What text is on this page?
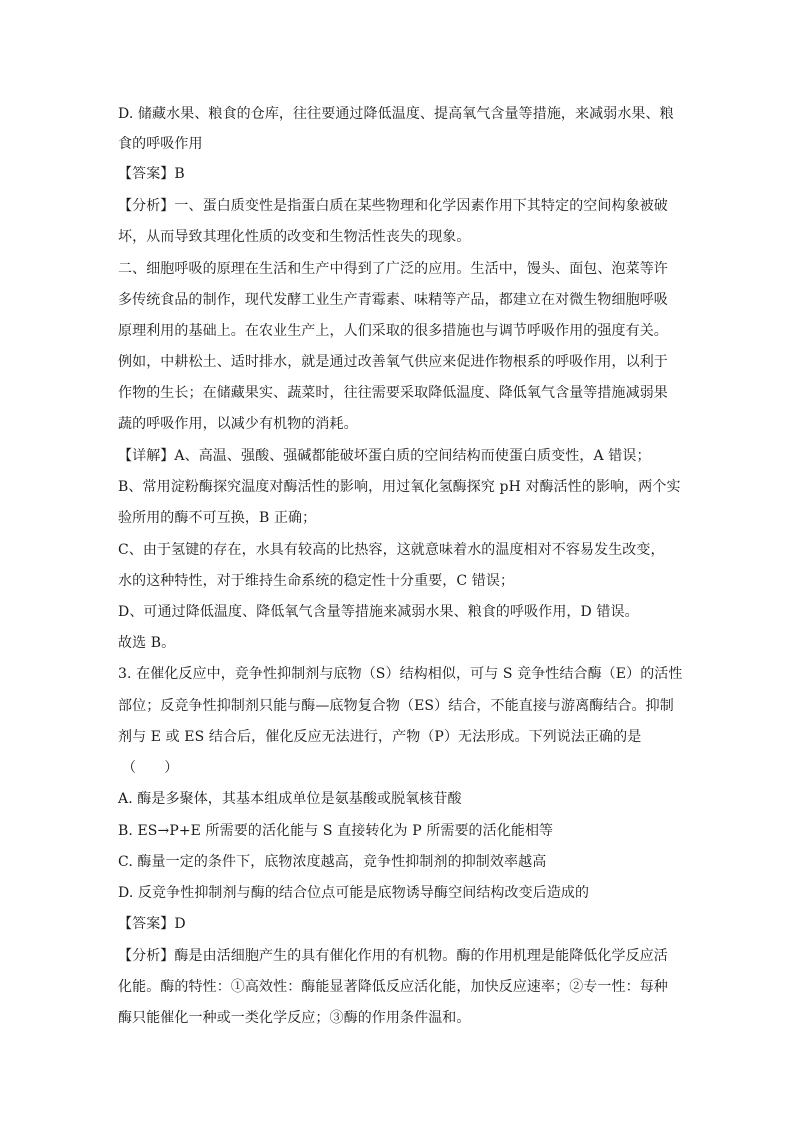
D. 储藏水果、粮食的仓库，往往要通过降低温度、提高氧气含量等措施，来减弱水果、粮
食的呼吸作用
【答案】B
【分析】一、蛋白质变性是指蛋白质在某些物理和化学因素作用下其特定的空间构象被破
坏，从而导致其理化性质的改变和生物活性丧失的现象。
二、细胞呼吸的原理在生活和生产中得到了广泛的应用。生活中，馒头、面包、泡菜等许
多传统食品的制作，现代发酵工业生产青霉素、味精等产品，都建立在对微生物细胞呼吸
原理利用的基础上。在农业生产上，人们采取的很多措施也与调节呼吸作用的强度有关。
例如，中耕松土、适时排水，就是通过改善氧气供应来促进作物根系的呼吸作用，以利于
作物的生长；在储藏果实、蔬菜时，往往需要采取降低温度、降低氧气含量等措施减弱果
蔬的呼吸作用，以减少有机物的消耗。
【详解】A、高温、强酸、强碱都能破坏蛋白质的空间结构而使蛋白质变性，A 错误；
B、常用淀粉酶探究温度对酶活性的影响，用过氧化氢酶探究 pH 对酶活性的影响，两个实
验所用的酶不可互换，B 正确；
C、由于氢键的存在，水具有较高的比热容，这就意味着水的温度相对不容易发生改变，
水的这种特性，对于维持生命系统的稳定性十分重要，C 错误；
D、可通过降低温度、降低氧气含量等措施来减弱水果、粮食的呼吸作用，D 错误。
故选 B。
3. 在催化反应中，竞争性抑制剂与底物（S）结构相似，可与 S 竞争性结合酶（E）的活性
部位；反竞争性抑制剂只能与酶—底物复合物（ES）结合，不能直接与游离酶结合。抑制
剂与 E 或 ES 结合后，催化反应无法进行，产物（P）无法形成。下列说法正确的是
（　　）
A. 酶是多聚体，其基本组成单位是氨基酸或脱氧核苷酸
B. ES→P+E 所需要的活化能与 S 直接转化为 P 所需要的活化能相等
C. 酶量一定的条件下，底物浓度越高，竞争性抑制剂的抑制效率越高
D. 反竞争性抑制剂与酶的结合位点可能是底物诱导酶空间结构改变后造成的
【答案】D
【分析】酶是由活细胞产生的具有催化作用的有机物。酶的作用机理是能降低化学反应活
化能。酶的特性：①高效性：酶能显著降低反应活化能，加快反应速率；②专一性：每种
酶只能催化一种或一类化学反应；③酶的作用条件温和。
